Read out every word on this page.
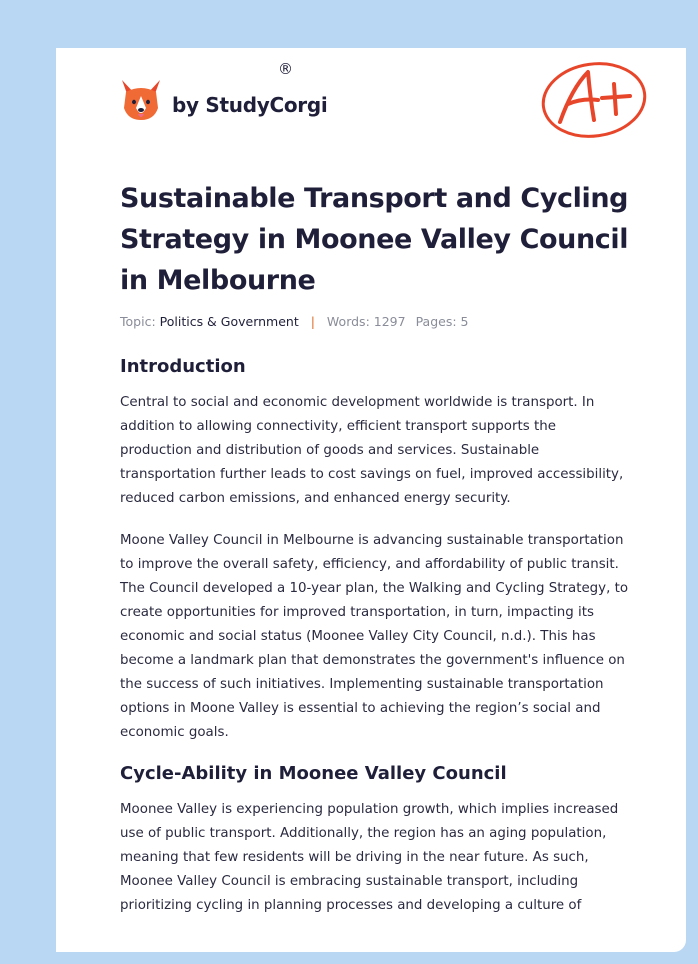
by StudyCorgi
®
A+
Sustainable Transport and Cycling Strategy in Moonee Valley Council in Melbourne
Topic: Politics & Government | Words: 1297 Pages: 5
Introduction

Central to social and economic development worldwide is transport. In addition to allowing connectivity, efficient transport supports the production and distribution of goods and services. Sustainable transportation further leads to cost savings on fuel, improved accessibility, reduced carbon emissions, and enhanced energy security.

Moone Valley Council in Melbourne is advancing sustainable transportation to improve the overall safety, efficiency, and affordability of public transit. The Council developed a 10-year plan, the Walking and Cycling Strategy, to create opportunities for improved transportation, in turn, impacting its economic and social status (Moonee Valley City Council, n.d.). This has become a landmark plan that demonstrates the government's influence on the success of such initiatives. Implementing sustainable transportation options in Moone Valley is essential to achieving the region’s social and economic goals.

Cycle-Ability in Moonee Valley Council

Moonee Valley is experiencing population growth, which implies increased use of public transport. Additionally, the region has an aging population, meaning that few residents will be driving in the near future. As such, Moonee Valley Council is embracing sustainable transport, including prioritizing cycling in planning processes and developing a culture of
